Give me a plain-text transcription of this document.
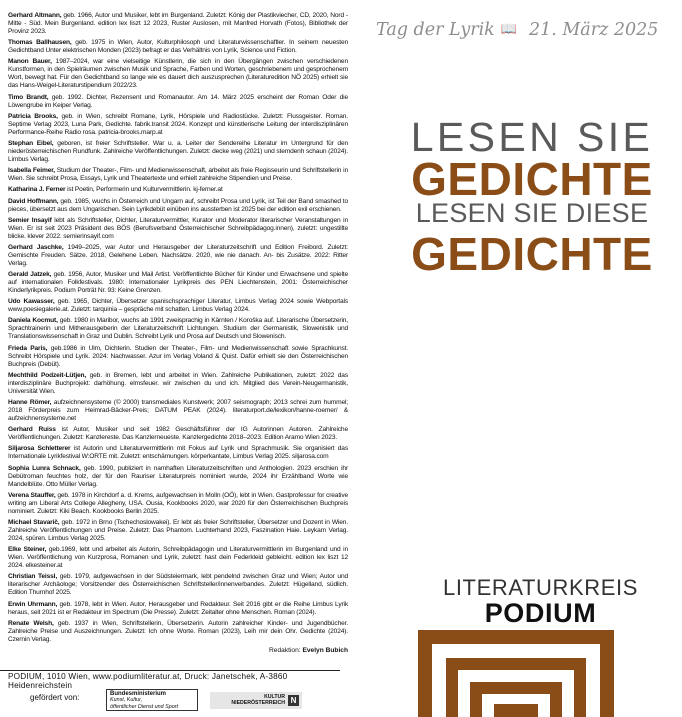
Gerhard Altmann, geb. 1966, Autor und Musiker, lebt im Burgenland. Zuletzt: König der Plastikviecher, CD, 2020, Nord - Mitte - Süd. Mein Burgenland. edition lex liszt 12 2023, Ruster Auslosen, mit Manfred Horvath (Fotos), Bibliothek der Provinz 2023.

Thomas Ballhausen, geb. 1975 in Wien, Autor, Kulturphilosoph und Literaturwissenschaftler. In seinem neuesten Gedichtband Unter elektrischen Monden (2023) befragt er das Verhältnis von Lyrik, Science und Fiction.

Manon Bauer, 1987–2024, war eine vielseitige Künstlerin, die sich in den Übergängen zwischen verschiedenen Kunstformen, in den Spielräumen zwischen Musik und Sprache, Farben und Worten, geschriebenem und gesprochenem Wort, bewegt hat. Für den Gedichtband so lange wie es dauert dich auszusprechen (Literaturedition NÖ 2025) erhielt sie das Hans-Weigel-Literaturstipendium 2022/23.

Timo Brandt, geb. 1992. Dichter, Rezensent und Romanautor. Am 14. März 2025 erscheint der Roman Oder die Löwengrube im Keiper Verlag.

Patricia Brooks, geb. in Wien, schreibt Romane, Lyrik, Hörspiele und Radiostücke. Zuletzt: Flussgeister. Roman. Septime Verlag 2023, Luna Park, Gedichte. fabrik.transit 2024. Konzept und künstlerische Leitung der interdisziplinären Performance-Reihe Radio rosa. patricia-brooks.marp.at

Stephan Eibel, geboren, ist freier Schriftsteller. War u. a. Leiter der Sendereihe Literatur im Untergrund für den niederösterreichischen Rundfunk. Zahlreiche Veröffentlichungen. Zuletzt: decke weg (2021) und stemdenh schaun (2024). Limbus Verlag.

Isabella Feimer, Studium der Theater-, Film- und Medienwissenschaft, arbeitet als freie Regisseurin und Schriftstellerin in Wien. Sie schreibt Prosa, Essays, Lyrik und Theatertexte und erhielt zahlreiche Stipendien und Preise.

Katharina J. Ferner ist Poetin, Performerin und Kulturvermittlerin. kj-ferner.at

David Hoffmann, geb. 1985, wuchs in Österreich und Ungarn auf, schreibt Prosa und Lyrik, ist Teil der Band smashed to pieces, übersetzt aus dem Ungarischen. Sein Lyrikdebüt einüben ins aussterben ist 2025 bei der edition exil erschienen.

Semier Insayif lebt als Schriftsteller, Dichter, Literaturvermittler, Kurator und Moderator literarischer Veranstaltungen in Wien. Er ist seit 2023 Präsident des BÖS (Berufsverband Österreichischer Schreibpädagog.innen), zuletzt: ungestillte blicke. klever 2022. semierinsayif.com

Gerhard Jaschke, 1949–2025, war Autor und Herausgeber der Literaturzeitschrift und Edition Freibord. Zuletzt: Gemischte Freuden. Sätze. 2018, Gelehene Leben. Nachsätze. 2020, wie nie danach. An- bis Zusätze. 2022: Ritter Verlag.

Gerald Jatzek, geb. 1956, Autor, Musiker und Mail Artist. Veröffentlichte Bücher für Kinder und Erwachsene und spielte auf internationalen Folkfestivals. 1980: Internationaler Lyrikpreis des PEN Liechtenstein, 2001: Österreichischer Kinderlyrikpreis. Podium Porträt Nr. 93: Keine Grenzen.

Udo Kawasser, geb. 1965, Dichter, Übersetzer spanischsprachiger Literatur, Limbus Verlag 2024 sowie Webportals www.poesiegalerie.at. Zuletzt: tarquinia – gespräche mit schatten. Limbus Verlag 2024.

Daniela Kocmut, geb. 1980 in Maribor, wuchs ab 1991 zweisprachig in Kärnten / Koroška auf. Literarische Übersetzerin, Sprachtrainerin und Mitherausgeberin der Literaturzeitschrift Lichtungen. Studium der Germanistik, Slowenistik und Translationswissenschaft in Graz und Dublin. Schreibt Lyrik und Prosa auf Deutsch und Slowenisch.

Frieda Paris, geb.1986 in Ulm, Dichterin. Studien der Theater-, Film- und Medienwissenschaft sowie Sprachkunst. Schreibt Hörspiele und Lyrik. 2024: Nachwasser. Azur im Verlag Voland & Quist. Dafür erhielt sie den Österreichischen Buchpreis (Debüt).

Mechthild Podzeit-Lütjen, geb. in Bremen, lebt und arbeitet in Wien. Zahlreiche Publikationen, zuletzt: 2022 das interdisziplinäre Buchprojekt: darhöhung. elmsfeuer. wir zwischen du und ich. Mitglied des Verein-Neugermanistik, Universität Wien.

Hanne Römer, aufzeichnensysteme (© 2000) transmediales Kunstwerk; 2007 seismograph; 2013 schrei zum hummel; 2018 Förderpreis zum Heimrad-Bäcker-Preis; DATUM PEAK (2024). literaturport.de/lexikon/hanne-roemer/ & aufzeichnensysteme.net

Gerhard Ruiss ist Autor, Musiker und seit 1982 Geschäftsführer der IG Autorinnen Autoren. Zahlreiche Veröffentlichungen. Zuletzt: Kanzlereste. Das Kanzlerneueste. Kanzlergedichte 2018–2023. Edition Aramo Wien 2023.

Siljarosa Schletterer ist Autorin und Literaturvermittlerin mit Fokus auf Lyrik und Sprachmusik. Sie organisiert das Internationale Lyrikfestival W:ORTE mit. Zuletzt: entschämungen. körperkantate, Limbus Verlag 2025. siljarosa.com

Sophia Lunra Schnack, geb. 1990, publiziert in namhaften Literaturzeitschriften und Anthologien. 2023 erschien ihr Debütroman feuchtes holz, der für den Rauriser Literaturpreis nominiert wurde, 2024 ihr Erzählband Worte wie Mandelblüte. Otto Müller Verlag.

Verena Stauffer, geb. 1978 in Kirchdorf a. d. Krems, aufgewachsen in Molln (OÖ), lebt in Wien. Gastprofessur for creative writing am Liberal Arts College Allegheny, USA. Ousia, Kookbooks 2020, war 2020 für den Österreichischen Buchpreis nominiert. Zuletzt: Kiki Beach. Kookbooks Berlin 2025.

Michael Stavarič, geb. 1972 in Brno (Tschechoslowakei). Er lebt als freier Schriftsteller, Übersetzer und Dozent in Wien. Zahlreiche Veröffentlichungen und Preise. Zuletzt: Das Phantom. Luchterhand 2023, Faszination Haie. Leykam Verlag. 2024, spüren. Limbus Verlag 2025.

Elke Steiner, geb.1969, lebt und arbeitet als Autorin, Schreibpädagogin und Literaturvermittlerin im Burgenland und in Wien. Veröffentlichung von Kurzprosa, Romanen und Lyrik, zuletzt: hast dein Federkleid gebleicht. edition lex liszt 12 2024. elkesteiner.at

Christian Teissl, geb. 1979, aufgewachsen in der Südsteiermark, lebt pendelnd zwischen Graz und Wien; Autor und literarischer Archäologe; Vorsitzender des Österreichischen Schriftsteller/innenverbandes. Zuletzt: Hügelland, südlich. Edition Thurnhof 2025.

Erwin Uhrmann, geb. 1978, lebt in Wien. Autor, Herausgeber und Redakteur. Seit 2016 gibt er die Reihe Limbus Lyrik heraus, seit 2021 ist er Redakteur im Spectrum (Die Presse). Zuletzt: Zeitalter ohne Menschen. Roman (2024).

Renate Welsh, geb. 1937 in Wien, Schriftstellerin, Übersetzerin. Autorin zahlreicher Kinder- und Jugendbücher. Zahlreiche Preise und Auszeichnungen. Zuletzt: Ich ohne Worte. Roman (2023), Leih mir dein Ohr. Gedichte (2024). Czernin Verlag.

Redaktion: Evelyn Bubich
PODIUM, 1010 Wien, www.podiumliteratur.at, Druck: Janetschek, A-3860 Heidenreichstein
gefördert von:	Bundesministerium
Kunst, Kultur,
öffentlicher Dienst und Sport
KULTUR
NIEDERÖSTERREICH N
Tag der Lyrik 📖 21. März 2025
LESEN SIE
GEDICHTE
LESEN SIE DIESE
GEDICHTE
LITERATURKREIS
PODIUM
